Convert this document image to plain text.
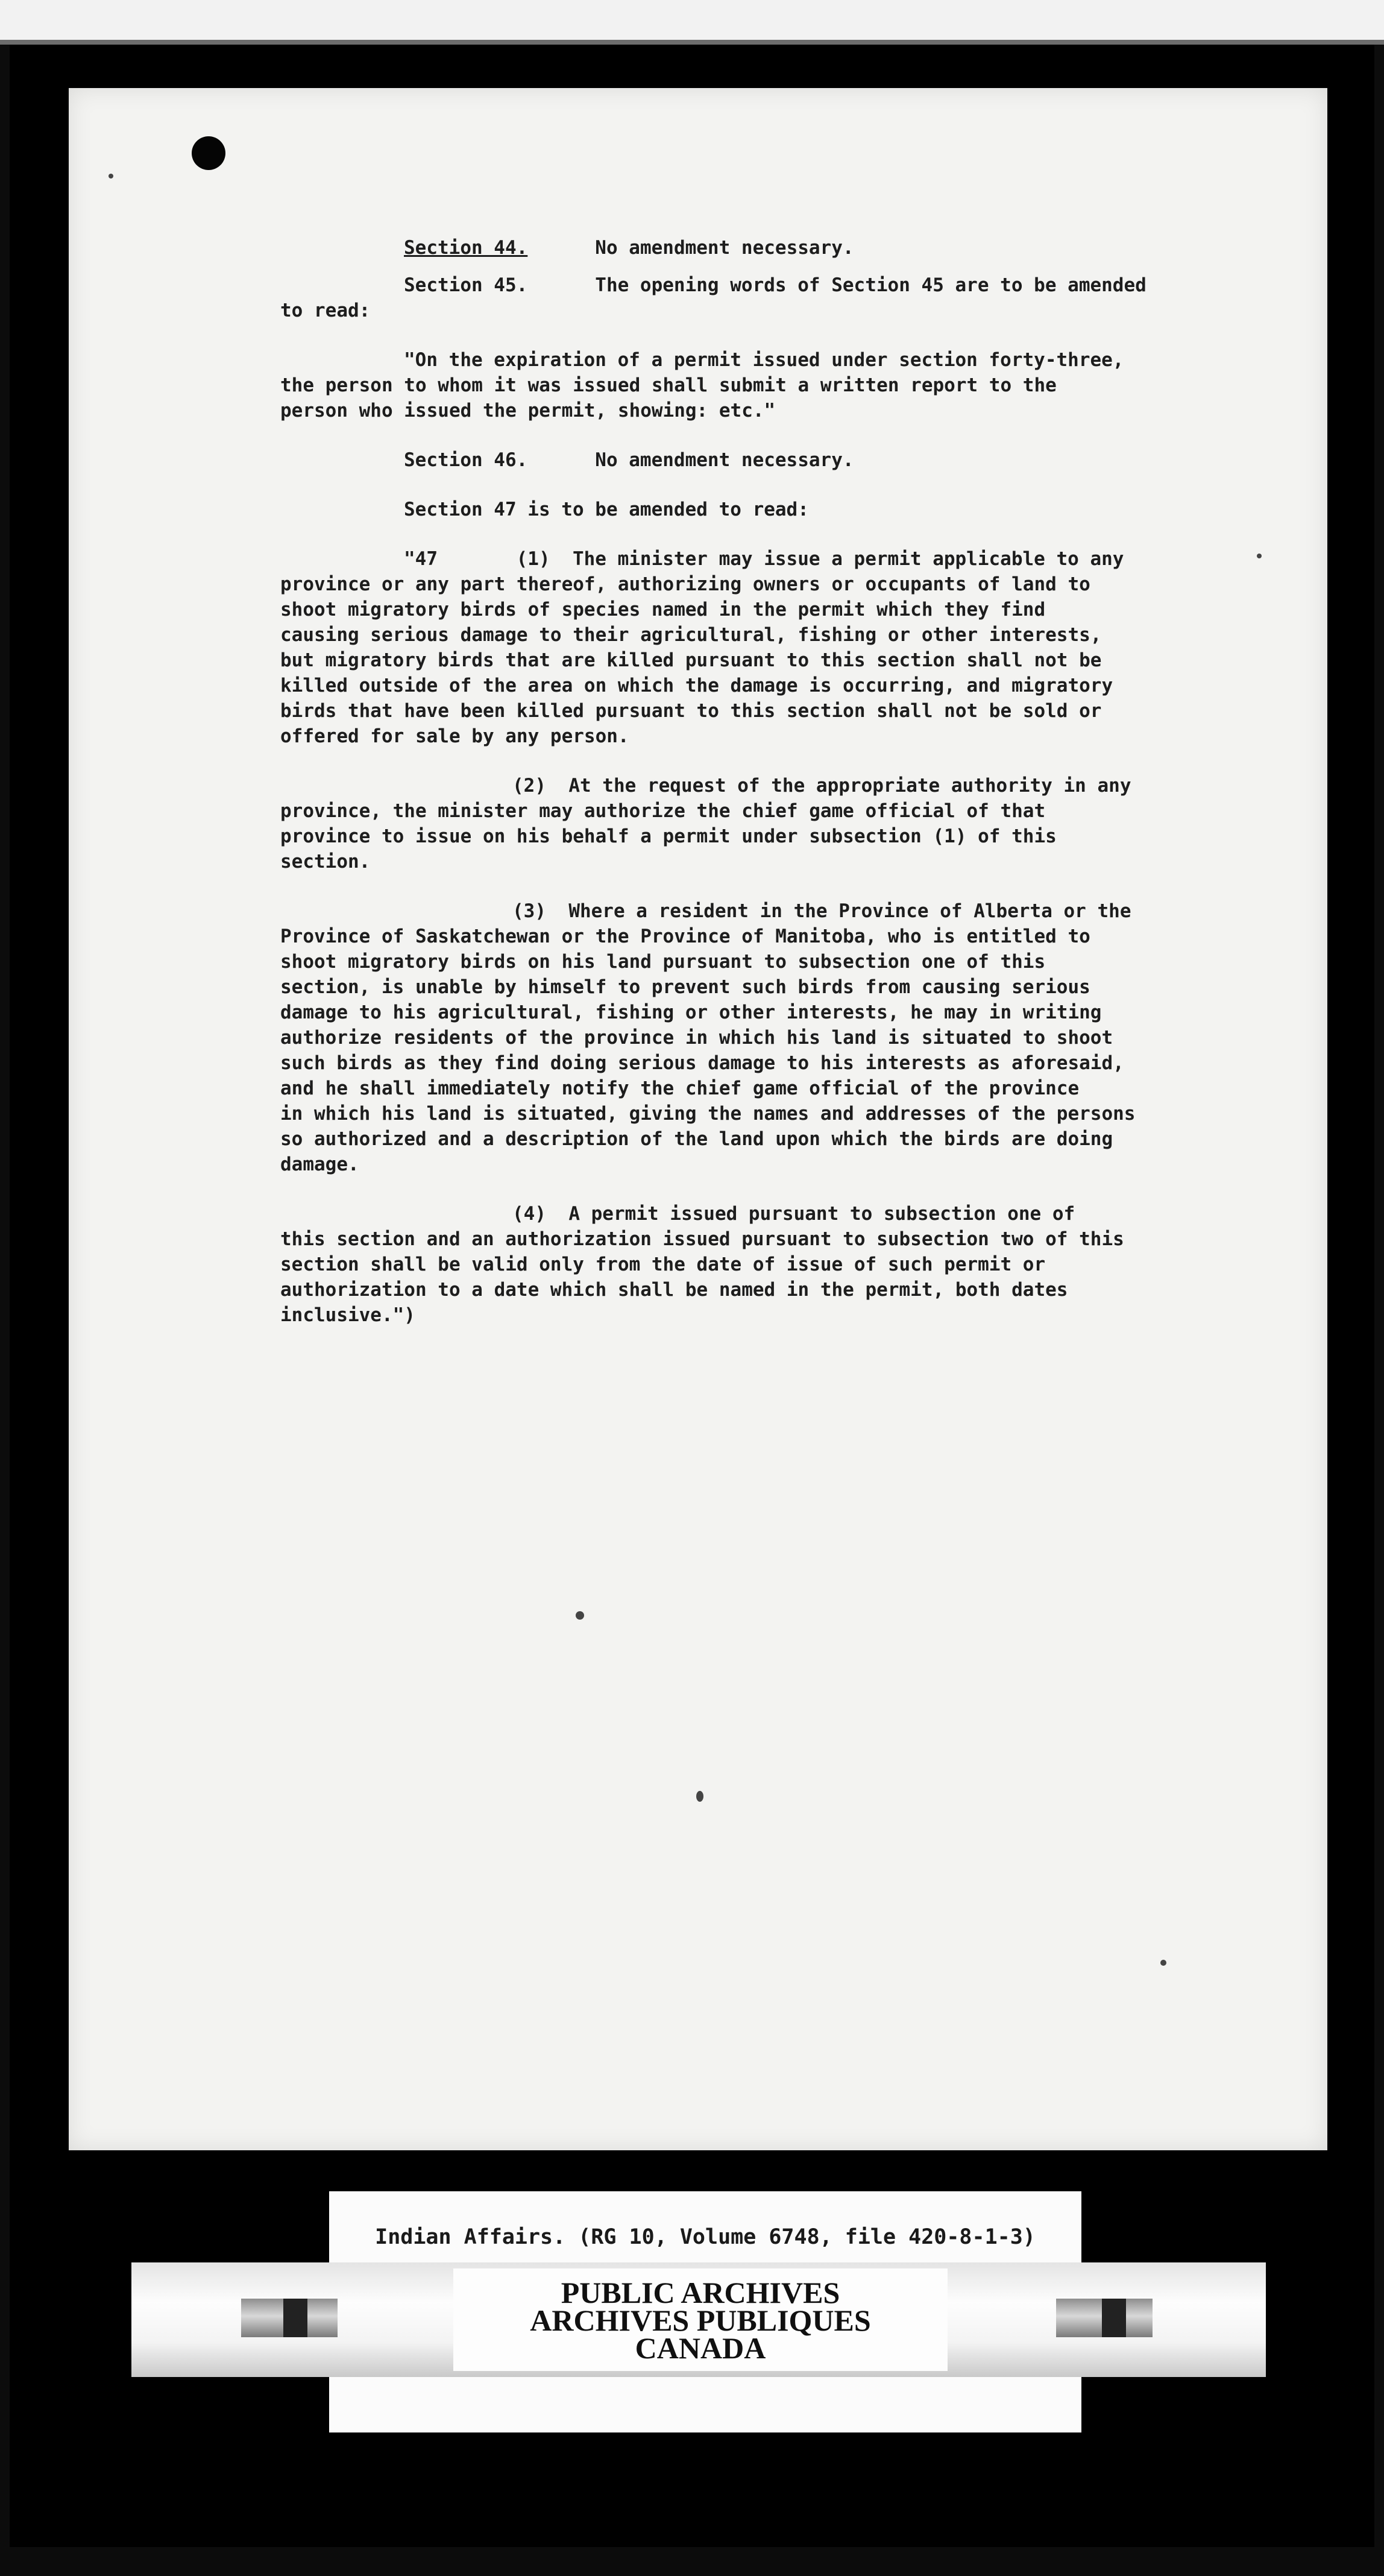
Section 44.      No amendment necessary.
Section 45.      The opening words of Section 45 are to be amended
to read:
"On the expiration of a permit issued under section forty-three,
the person to whom it was issued shall submit a written report to the
person who issued the permit, showing: etc."
Section 46.      No amendment necessary.
Section 47 is to be amended to read:
"47       (1)  The minister may issue a permit applicable to any
province or any part thereof, authorizing owners or occupants of land to
shoot migratory birds of species named in the permit which they find
causing serious damage to their agricultural, fishing or other interests,
but migratory birds that are killed pursuant to this section shall not be
killed outside of the area on which the damage is occurring, and migratory
birds that have been killed pursuant to this section shall not be sold or
offered for sale by any person.
(2)  At the request of the appropriate authority in any
province, the minister may authorize the chief game official of that
province to issue on his behalf a permit under subsection (1) of this
section.
(3)  Where a resident in the Province of Alberta or the
Province of Saskatchewan or the Province of Manitoba, who is entitled to
shoot migratory birds on his land pursuant to subsection one of this
section, is unable by himself to prevent such birds from causing serious
damage to his agricultural, fishing or other interests, he may in writing
authorize residents of the province in which his land is situated to shoot
such birds as they find doing serious damage to his interests as aforesaid,
and he shall immediately notify the chief game official of the province
in which his land is situated, giving the names and addresses of the persons
so authorized and a description of the land upon which the birds are doing
damage.
(4)  A permit issued pursuant to subsection one of
this section and an authorization issued pursuant to subsection two of this
section shall be valid only from the date of issue of such permit or
authorization to a date which shall be named in the permit, both dates
inclusive.")
Indian Affairs. (RG 10, Volume 6748, file 420-8-1-3)
PUBLIC ARCHIVES
ARCHIVES PUBLIQUES
CANADA
